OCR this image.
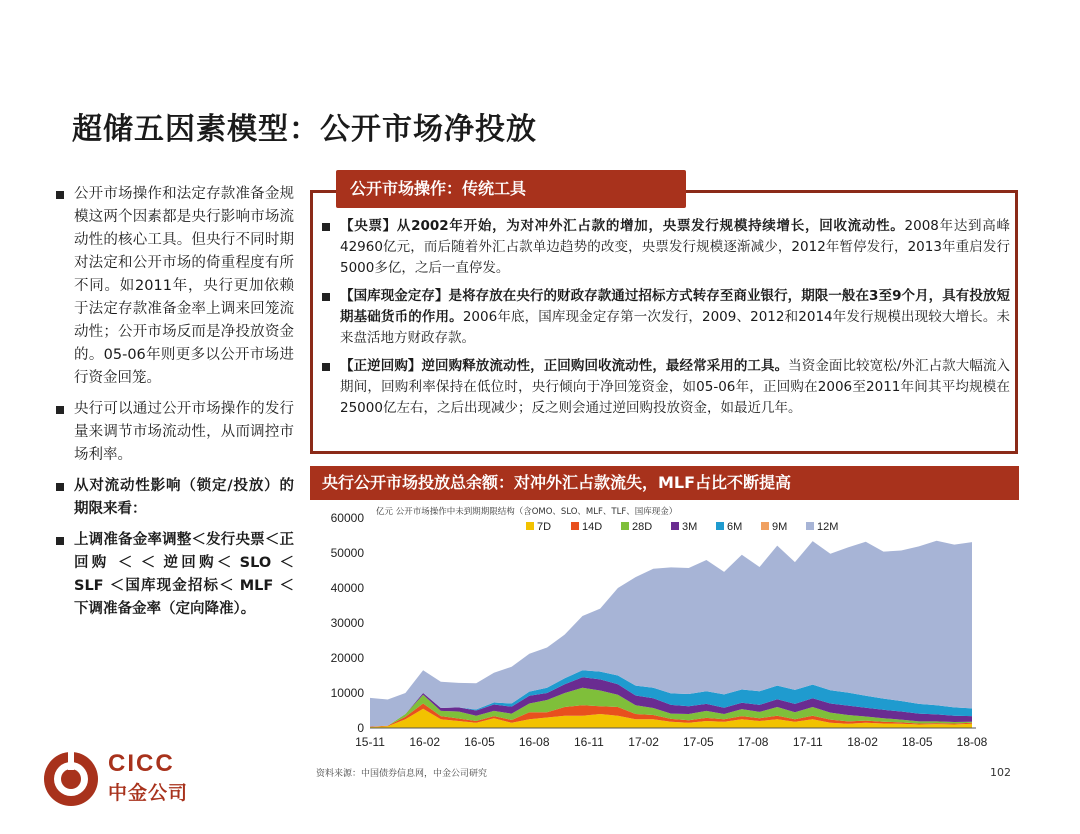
超储五因素模型：公开市场净投放
公开市场操作和法定存款准备金规模这两个因素都是央行影响市场流动性的核心工具。但央行不同时期对法定和公开市场的倚重程度有所不同。如2011年，央行更加依赖于法定存款准备金率上调来回笼流动性；公开市场反而是净投放资金的。05-06年则更多以公开市场进行资金回笼。
央行可以通过公开市场操作的发行量来调节市场流动性，从而调控市场利率。
从对流动性影响（锁定/投放）的期限来看：
上调准备金率调整＜发行央票＜正回购 ＜ ＜ 逆回购＜ SLO ＜ SLF ＜国库现金招标＜ MLF ＜下调准备金率（定向降准）。
公开市场操作：传统工具
【央票】从2002年开始，为对冲外汇占款的增加，央票发行规模持续增长，回收流动性。2008年达到高峰42960亿元，而后随着外汇占款单边趋势的改变，央票发行规模逐渐减少，2012年暂停发行，2013年重启发行5000多亿，之后一直停发。
【国库现金定存】是将存放在央行的财政存款通过招标方式转存至商业银行，期限一般在3至9个月，具有投放短期基础货币的作用。2006年底，国库现金定存第一次发行，2009、2012和2014年发行规模出现较大增长。未来盘活地方财政存款。
【正逆回购】逆回购释放流动性，正回购回收流动性，最经常采用的工具。当资金面比较宽松/外汇占款大幅流入期间，回购利率保持在低位时，央行倾向于净回笼资金，如05-06年，正回购在2006至2011年间其平均规模在25000亿左右，之后出现减少；反之则会通过逆回购投放资金，如最近几年。
央行公开市场投放总余额：对冲外汇占款流失，MLF占比不断提高
0
10000
20000
30000
40000
50000
60000
15-11 16-02 16-05 16-08 16-11 17-02 17-05 17-08 17-11 18-02 18-05 18-08
亿元 公开市场操作中未到期期限结构（含OMO、SLO、MLF、TLF、国库现金）
7D	14D	28D	3M	6M	9M	12M
资料来源：中国债券信息网，中金公司研究	102
CICC
中金公司
